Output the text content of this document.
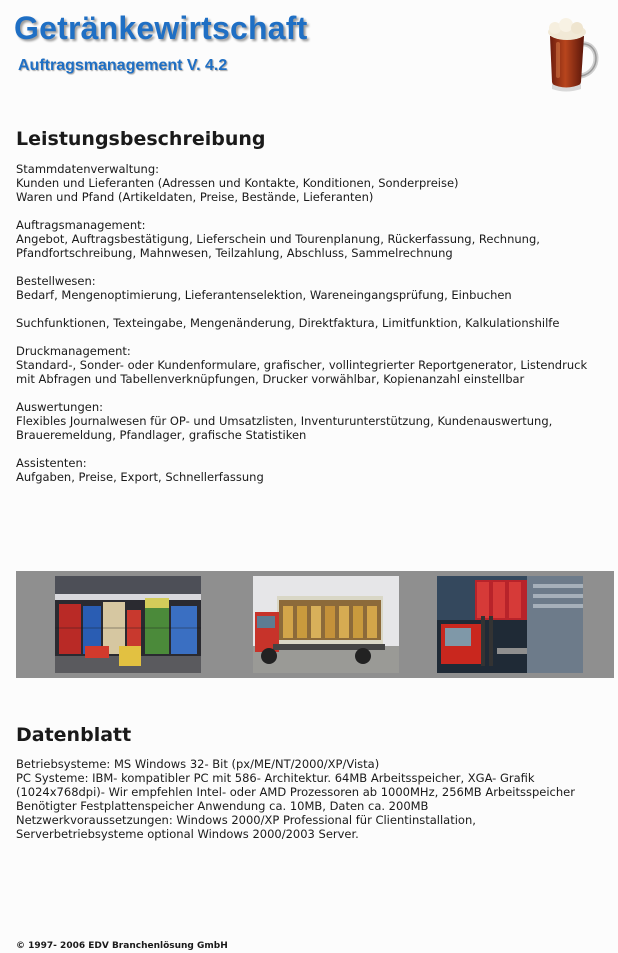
Getränkewirtschaft
Auftragsmanagement V. 4.2
Leistungsbeschreibung

Stammdatenverwaltung:
Kunden und Lieferanten (Adressen und Kontakte, Konditionen, Sonderpreise)
Waren und Pfand (Artikeldaten, Preise, Bestände, Lieferanten)

Auftragsmanagement:
Angebot, Auftragsbestätigung, Lieferschein und Tourenplanung, Rückerfassung, Rechnung,
Pfandfortschreibung, Mahnwesen, Teilzahlung, Abschluss, Sammelrechnung

Bestellwesen:
Bedarf, Mengenoptimierung, Lieferantenselektion, Wareneingangsprüfung, Einbuchen

Suchfunktionen, Texteingabe, Mengenänderung, Direktfaktura, Limitfunktion, Kalkulationshilfe

Druckmanagement:
Standard-, Sonder- oder Kundenformulare, grafischer, vollintegrierter Reportgenerator, Listendruck
mit Abfragen und Tabellenverknüpfungen, Drucker vorwählbar, Kopienanzahl einstellbar

Auswertungen:
Flexibles Journalwesen für OP- und Umsatzlisten, Inventurunterstützung, Kundenauswertung,
Braueremeldung, Pfandlager, grafische Statistiken

Assistenten:
Aufgaben, Preise, Export, Schnellerfassung

Datenblatt
Betriebsysteme: MS Windows 32- Bit (px/ME/NT/2000/XP/Vista)
PC Systeme: IBM- kompatibler PC mit 586- Architektur. 64MB Arbeitsspeicher, XGA- Grafik
(1024x768dpi)- Wir empfehlen Intel- oder AMD Prozessoren ab 1000MHz, 256MB Arbeitsspeicher
Benötigter Festplattenspeicher Anwendung ca. 10MB, Daten ca. 200MB
Netzwerkvoraussetzungen: Windows 2000/XP Professional für Clientinstallation,
Serverbetriebsysteme optional Windows 2000/2003 Server.
© 1997- 2006 EDV Branchenlösung GmbH
